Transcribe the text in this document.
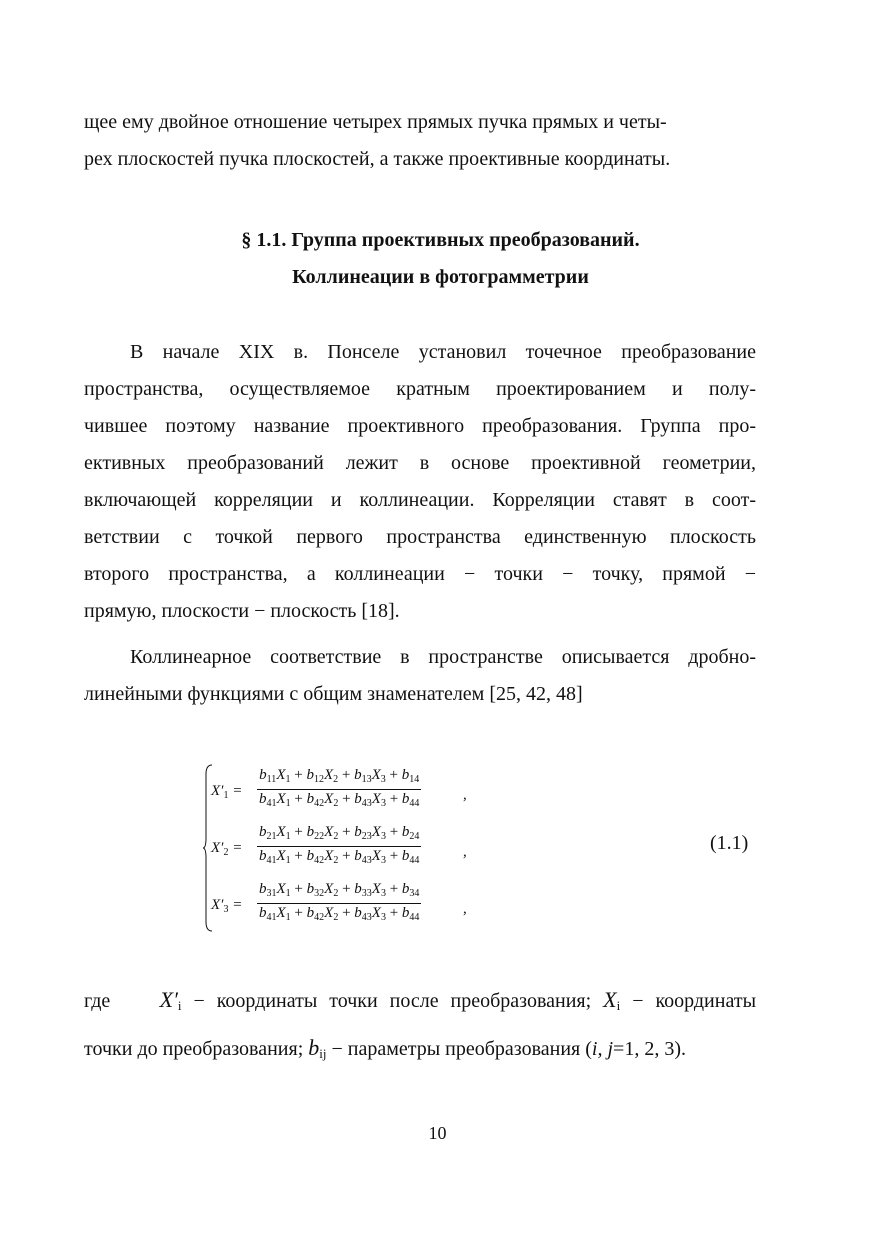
щее ему двойное отношение четырех прямых пучка прямых и четы-
рех плоскостей пучка плоскостей, а также проективные координаты.
§ 1.1. Группа проективных преобразований.
Коллинеации в фотограмметрии
В начале XIX в. Понселе установил точечное преобразование
пространства, осуществляемое кратным проектированием и полу-
чившее поэтому название проективного преобразования. Группа про-
ективных преобразований лежит в основе проективной геометрии,
включающей корреляции и коллинеации. Корреляции ставят в соот-
ветствии с точкой первого пространства единственную плоскость
второго пространства, а коллинеации − точки − точку, прямой −
прямую, плоскости − плоскость [18].
Коллинеарное соответствие в пространстве описывается дробно-
линейными функциями с общим знаменателем [25, 42, 48]
$X'_1 = \frac{b_{11}X_1 + b_{12}X_2 + b_{13}X_3 + b_{14}}{b_{41}X_1 + b_{42}X_2 + b_{43}X_3 + b_{44}}$	,
$X'_2 = \frac{b_{21}X_1 + b_{22}X_2 + b_{23}X_3 + b_{24}}{b_{41}X_1 + b_{42}X_2 + b_{43}X_3 + b_{44}}$	,
$X'_3 = \frac{b_{31}X_1 + b_{32}X_2 + b_{33}X_3 + b_{34}}{b_{41}X_1 + b_{42}X_2 + b_{43}X_3 + b_{44}}$	,
(1.1)
где    $X'_i$ − координаты точки после преобразования; $X_i$ − координаты
точки до преобразования; $b_{ij}$ − параметры преобразования (i, j=1, 2, 3).
10
